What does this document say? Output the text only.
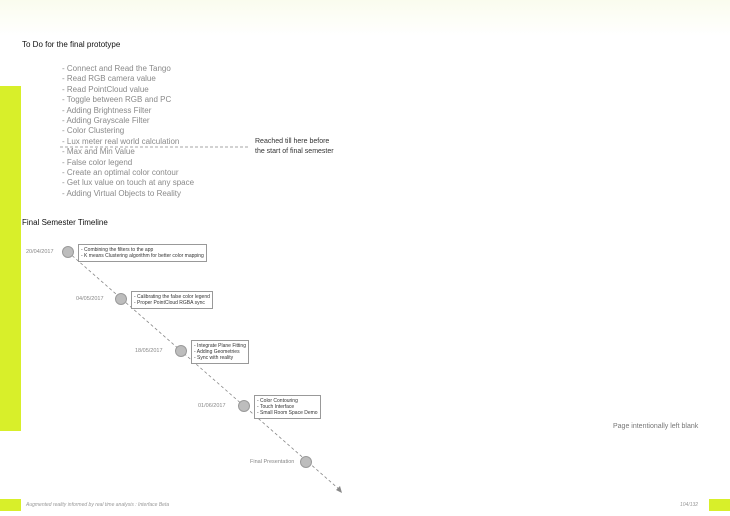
To Do for the final prototype
- Connect and Read the Tango
- Read RGB camera value
- Read PointCloud value
- Toggle between RGB and PC
- Adding Brightness Filter
- Adding Grayscale Filter
- Color Clustering
- Lux meter real world calculation
- Max and Min Value
- False color legend
- Create an optimal color contour
- Get lux value on touch at any space
- Adding Virtual Objects to Reality
Reached till here before
the start of final semester
Final Semester Timeline
20/04/2017	- Combining the filters to the app
- K means Clustering algorithm for better color mapping
04/05/2017	- Calibrating the false color legend
- Proper PointCloud RGBA sync
18/05/2017
- Integrate Plane Fitting
- Adding Geometries
- Sync with reality
01/06/2017
- Color Contouring
- Touch Interface
- Small Room Space Demo
Final Presentation
Page intentionally left blank
Augmented reality informed by real time analysis : Interface Beta	104/132
